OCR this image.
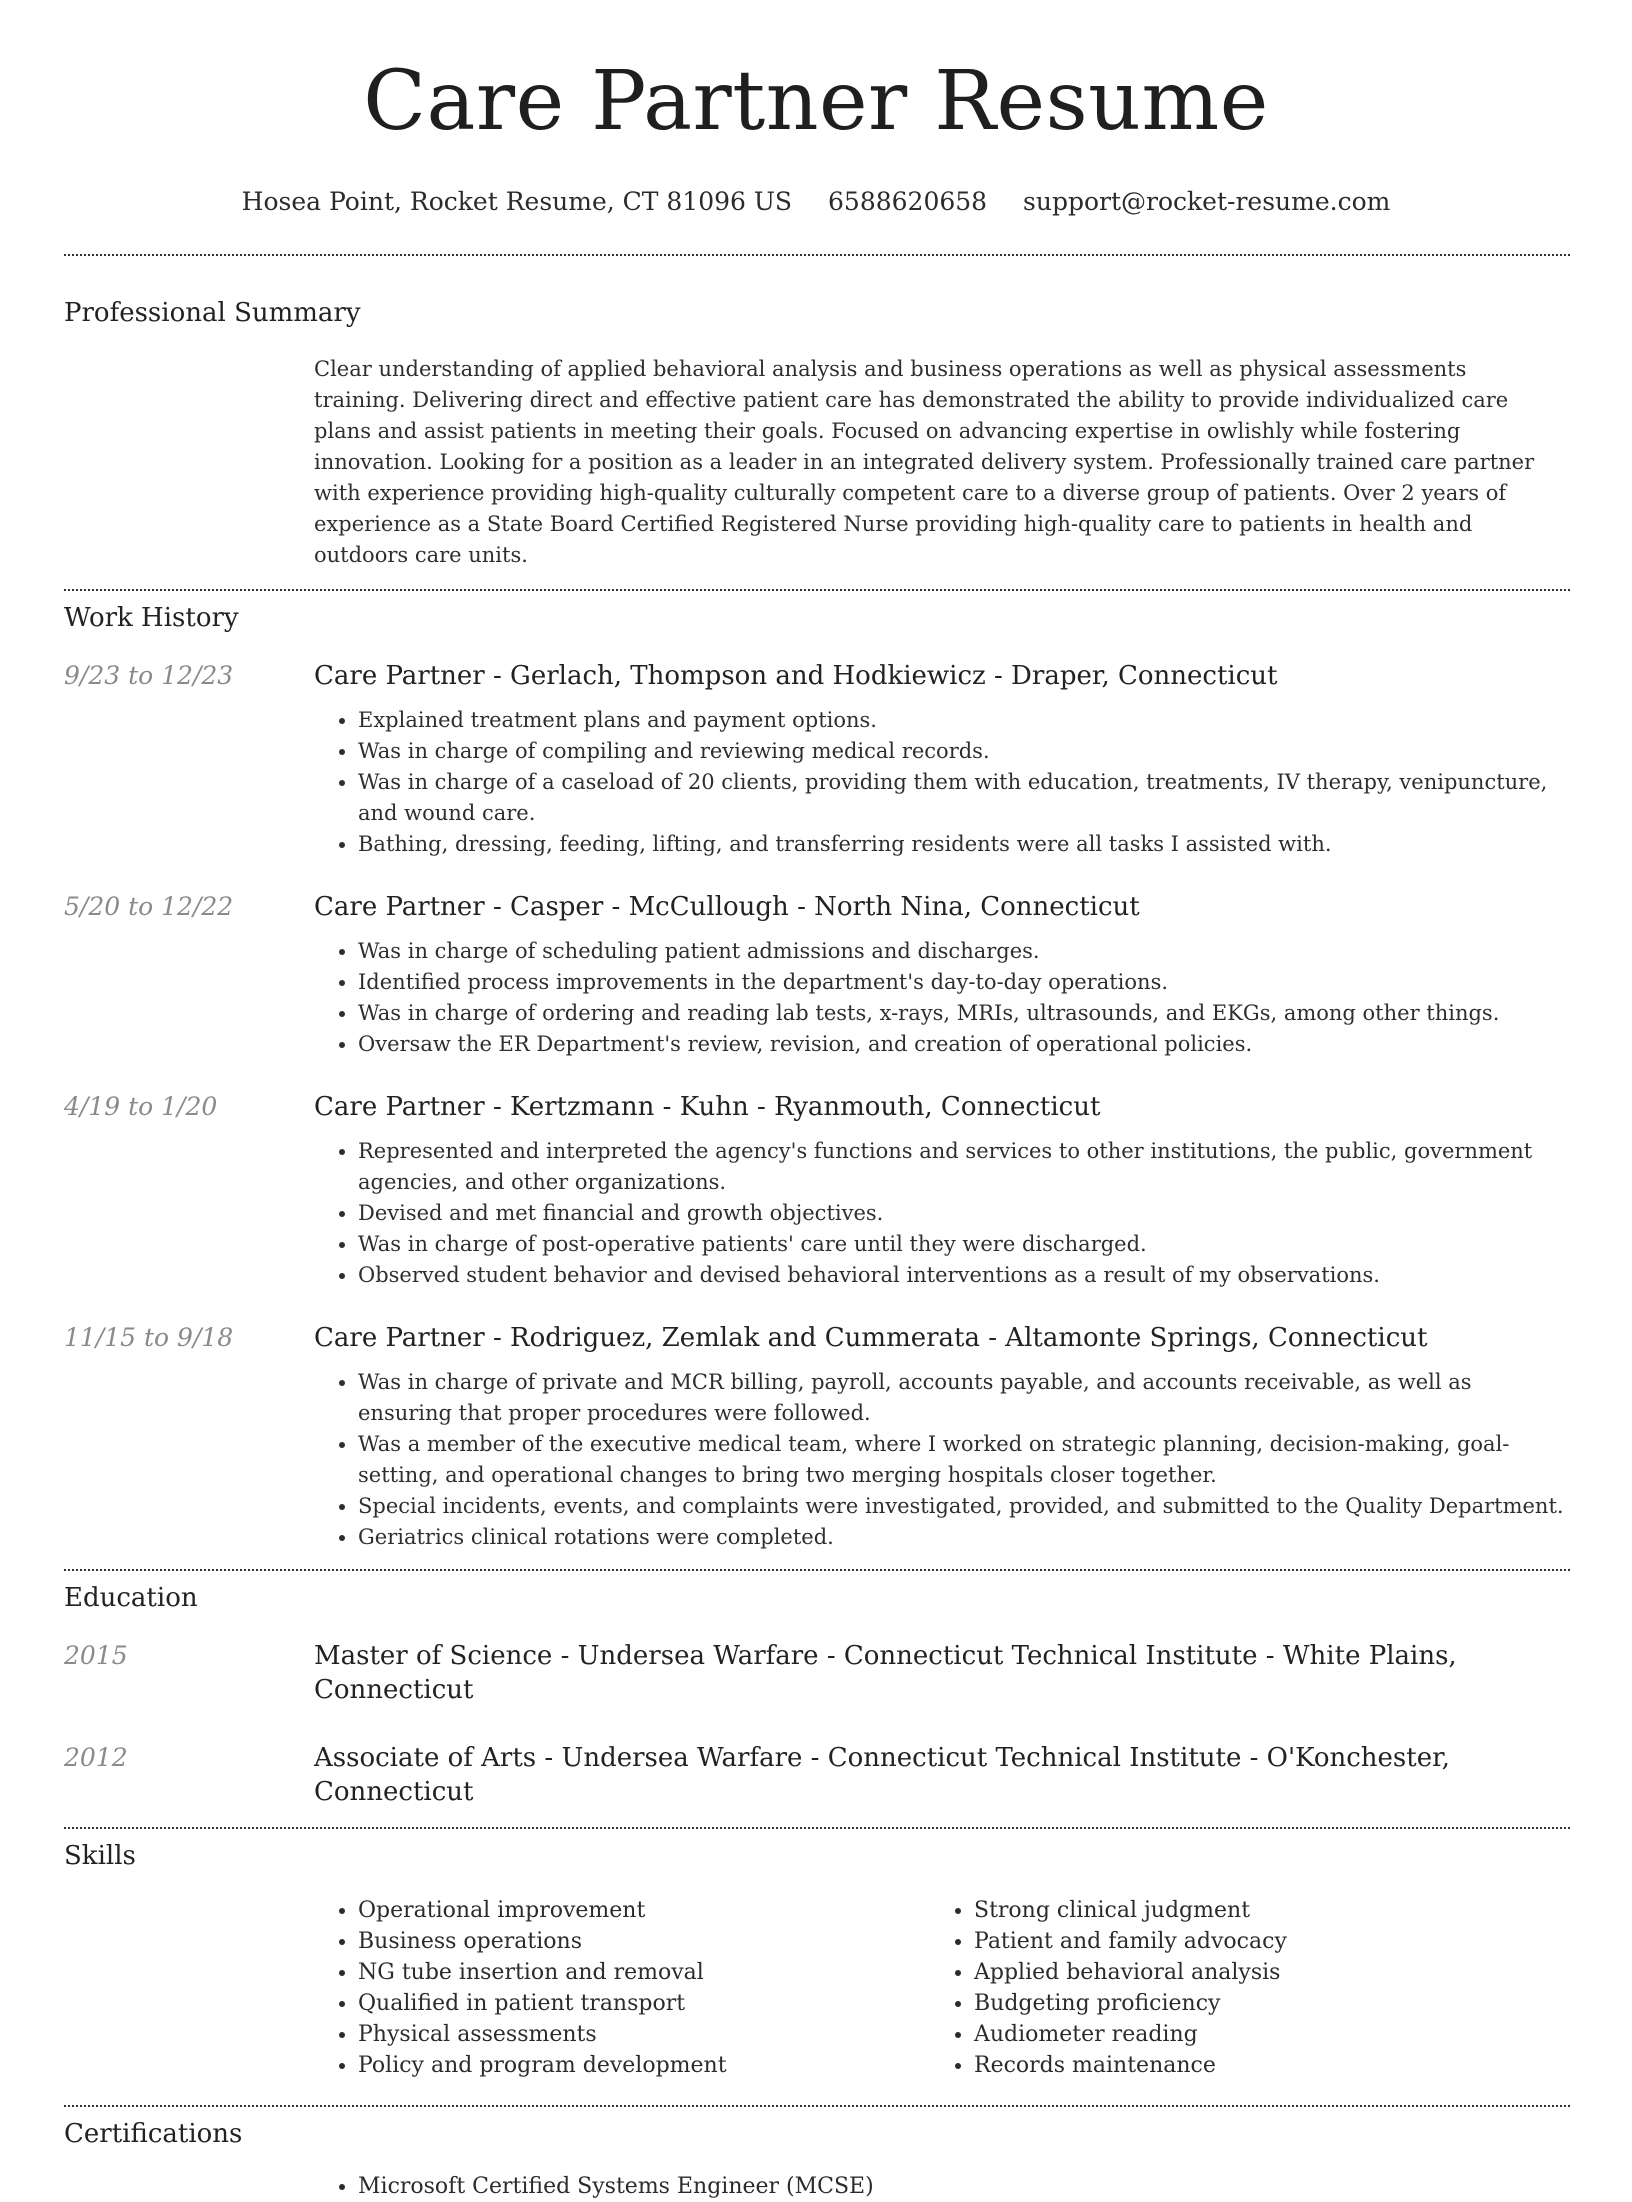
Care Partner Resume
Hosea Point, Rocket Resume, CT 81096 US 6588620658 support@rocket-resume.com
Professional Summary
Clear understanding of applied behavioral analysis and business operations as well as physical assessments training. Delivering direct and effective patient care has demonstrated the ability to provide individualized care plans and assist patients in meeting their goals. Focused on advancing expertise in owlishly while fostering innovation. Looking for a position as a leader in an integrated delivery system. Professionally trained care partner with experience providing high-quality culturally competent care to a diverse group of patients. Over 2 years of experience as a State Board Certified Registered Nurse providing high-quality care to patients in health and outdoors care units.
Work History
9/23 to 12/23	Care Partner - Gerlach, Thompson and Hodkiewicz - Draper, Connecticut
• Explained treatment plans and payment options.
• Was in charge of compiling and reviewing medical records.
• Was in charge of a caseload of 20 clients, providing them with education, treatments, IV therapy, venipuncture, and wound care.
• Bathing, dressing, feeding, lifting, and transferring residents were all tasks I assisted with.
5/20 to 12/22	Care Partner - Casper - McCullough - North Nina, Connecticut
• Was in charge of scheduling patient admissions and discharges.
• Identified process improvements in the department's day-to-day operations.
• Was in charge of ordering and reading lab tests, x-rays, MRIs, ultrasounds, and EKGs, among other things.
• Oversaw the ER Department's review, revision, and creation of operational policies.
4/19 to 1/20	Care Partner - Kertzmann - Kuhn - Ryanmouth, Connecticut
• Represented and interpreted the agency's functions and services to other institutions, the public, government agencies, and other organizations.
• Devised and met financial and growth objectives.
• Was in charge of post-operative patients' care until they were discharged.
• Observed student behavior and devised behavioral interventions as a result of my observations.
11/15 to 9/18	Care Partner - Rodriguez, Zemlak and Cummerata - Altamonte Springs, Connecticut
• Was in charge of private and MCR billing, payroll, accounts payable, and accounts receivable, as well as ensuring that proper procedures were followed.
• Was a member of the executive medical team, where I worked on strategic planning, decision-making, goal-setting, and operational changes to bring two merging hospitals closer together.
• Special incidents, events, and complaints were investigated, provided, and submitted to the Quality Department.
• Geriatrics clinical rotations were completed.
Education
2015	Master of Science - Undersea Warfare - Connecticut Technical Institute - White Plains, Connecticut
2012	Associate of Arts - Undersea Warfare - Connecticut Technical Institute - O'Konchester, Connecticut
Skills
• Operational improvement
• Business operations
• NG tube insertion and removal
• Qualified in patient transport
• Physical assessments
• Policy and program development
• Strong clinical judgment
• Patient and family advocacy
• Applied behavioral analysis
• Budgeting proficiency
• Audiometer reading
• Records maintenance
Certifications
• Microsoft Certified Systems Engineer (MCSE)
